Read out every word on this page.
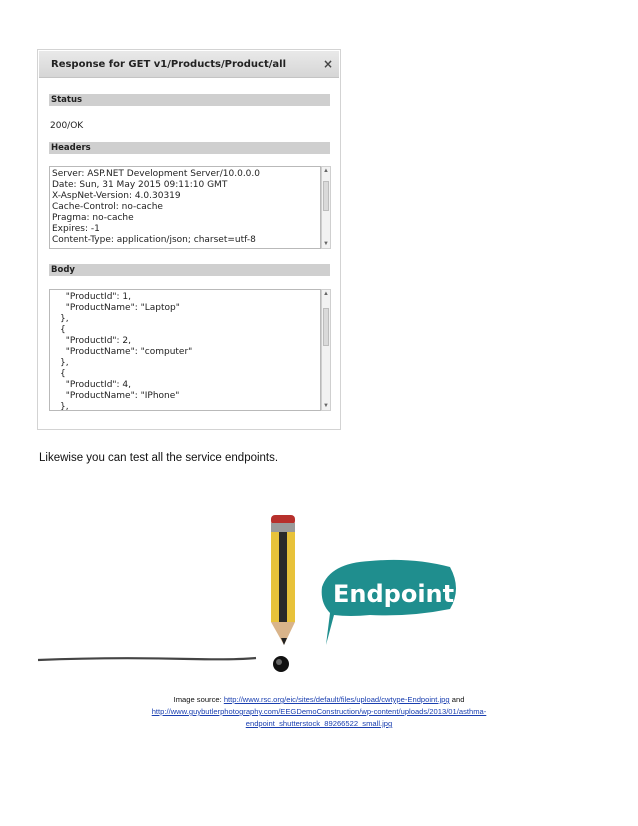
Response for GET v1/Products/Product/all	×
Status
200/OK
Headers
Server: ASP.NET Development Server/10.0.0.0
Date: Sun, 31 May 2015 09:11:10 GMT
X-AspNet-Version: 4.0.30319
Cache-Control: no-cache
Pragma: no-cache
Expires: -1
Content-Type: application/json; charset=utf-8
▲
▼
Body
"ProductId": 1,
"ProductName": "Laptop"
},
{
"ProductId": 2,
"ProductName": "computer"
},
{
"ProductId": 4,
"ProductName": "IPhone"
},
▲
▼
Likewise you can test all the service endpoints.
Endpoint
Image source: http://www.rsc.org/eic/sites/default/files/upload/cwtype-Endpoint.jpg and
http://www.guybutlerphotography.com/EEGDemoConstruction/wp-content/uploads/2013/01/asthma-
endpoint_shutterstock_89266522_small.jpg
